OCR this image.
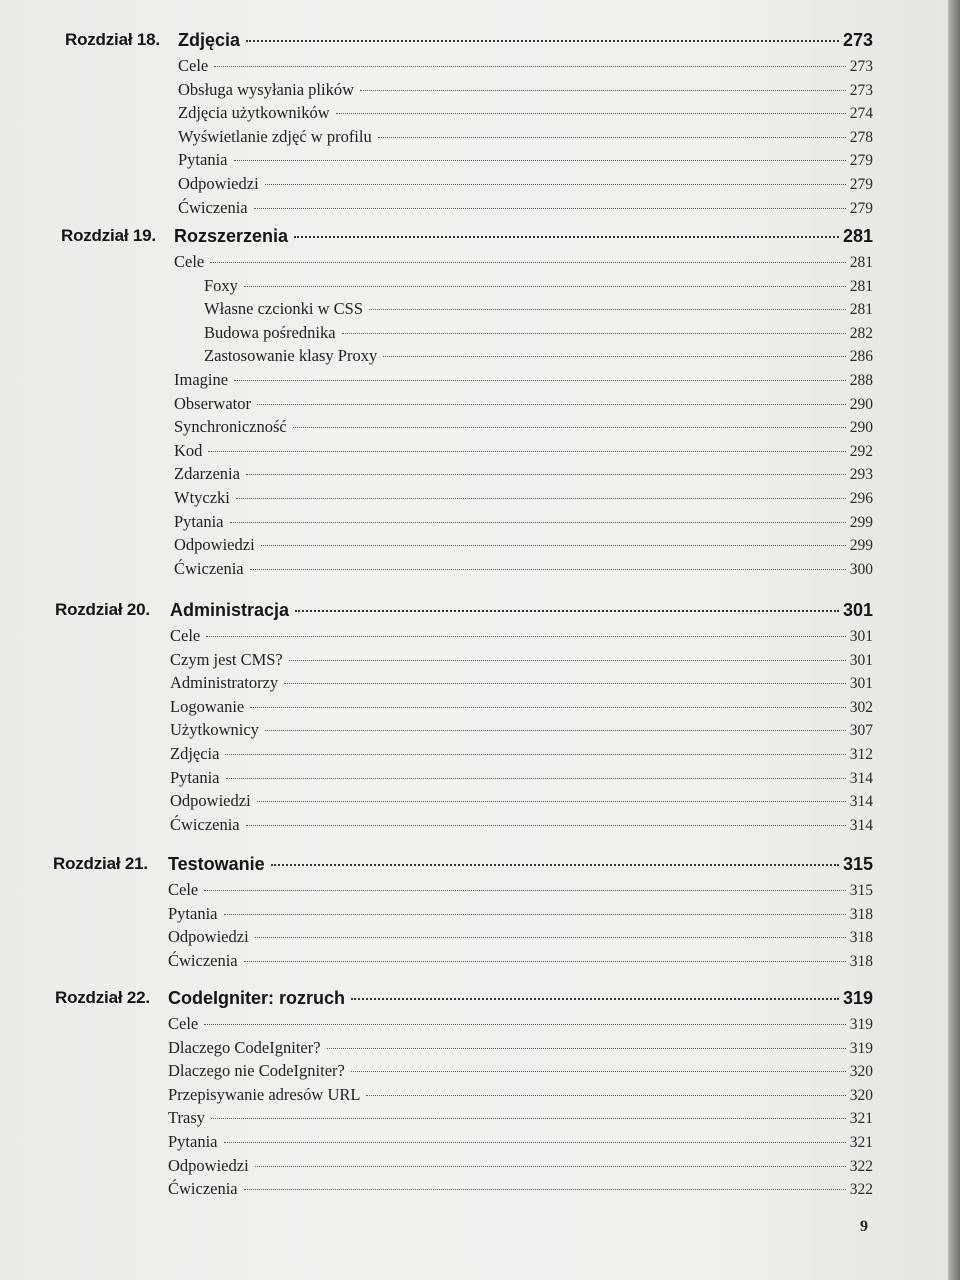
Rozdział 18. Zdjęcia	273
Cele	273
Obsługa wysyłania plików	273
Zdjęcia użytkowników	274
Wyświetlanie zdjęć w profilu	278
Pytania	279
Odpowiedzi	279
Ćwiczenia	279
Rozdział 19. Rozszerzenia	281
Cele	281
Foxy	281
Własne czcionki w CSS	281
Budowa pośrednika	282
Zastosowanie klasy Proxy	286
Imagine	288
Obserwator	290
Synchroniczność	290
Kod	292
Zdarzenia	293
Wtyczki	296
Pytania	299
Odpowiedzi	299
Ćwiczenia	300
Rozdział 20. Administracja	301
Cele	301
Czym jest CMS?	301
Administratorzy	301
Logowanie	302
Użytkownicy	307
Zdjęcia	312
Pytania	314
Odpowiedzi	314
Ćwiczenia	314
Rozdział 21. Testowanie	315
Cele	315
Pytania	318
Odpowiedzi	318
Ćwiczenia	318
Rozdział 22. CodeIgniter: rozruch	319
Cele	319
Dlaczego CodeIgniter?	319
Dlaczego nie CodeIgniter?	320
Przepisywanie adresów URL	320
Trasy	321
Pytania	321
Odpowiedzi	322
Ćwiczenia	322
9
